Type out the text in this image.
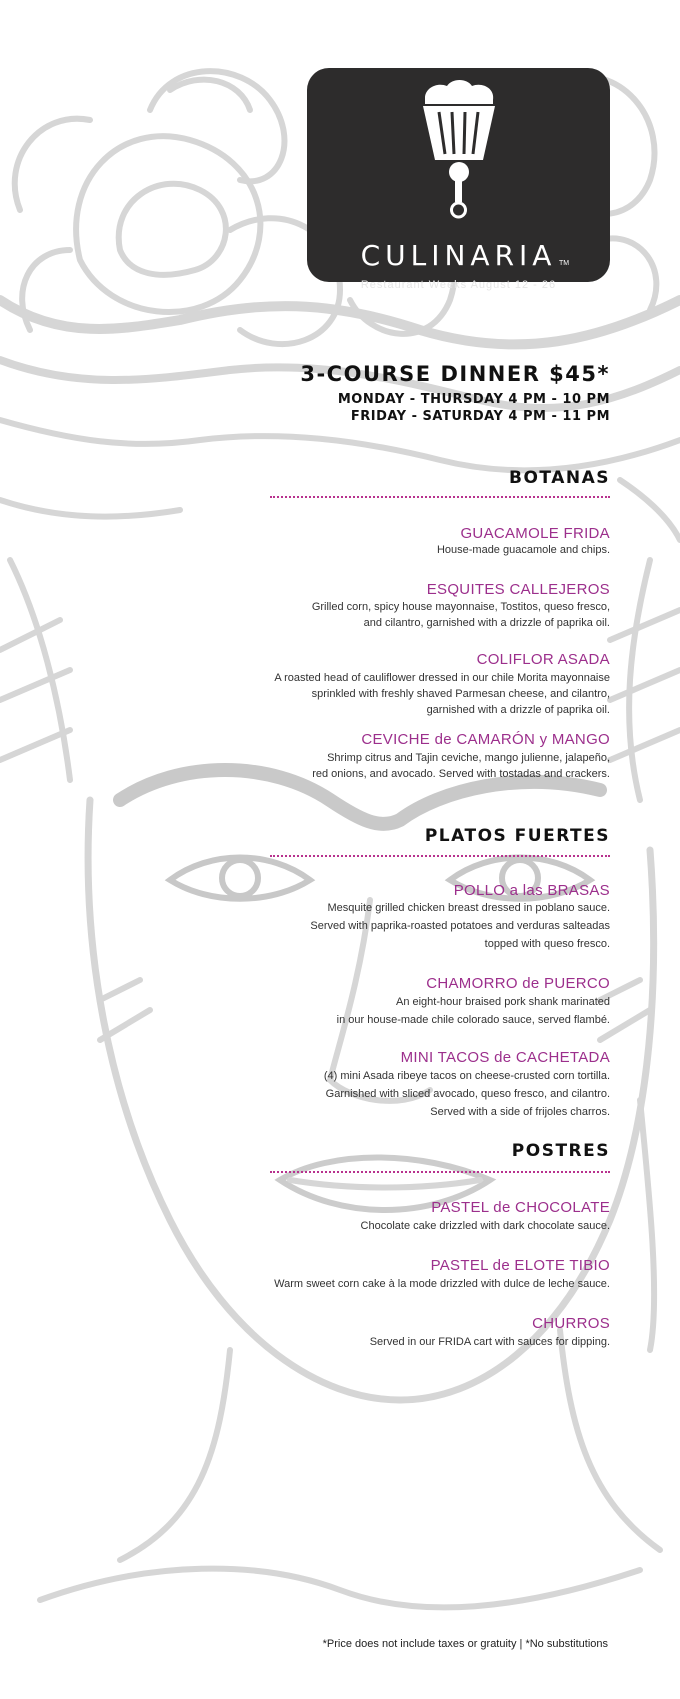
CULINARIA TM
Restaurant Weeks August 12 - 26
3-COURSE DINNER $45*
MONDAY - THURSDAY 4 PM - 10 PM
FRIDAY - SATURDAY 4 PM - 11 PM
BOTANAS
GUACAMOLE FRIDA
House-made guacamole and chips.
ESQUITES CALLEJEROS
Grilled corn, spicy house mayonnaise, Tostitos, queso fresco,
and cilantro, garnished with a drizzle of paprika oil.
COLIFLOR ASADA
A roasted head of cauliflower dressed in our chile Morita mayonnaise
sprinkled with freshly shaved Parmesan cheese, and cilantro,
garnished with a drizzle of paprika oil.
CEVICHE de CAMARÓN y MANGO
Shrimp citrus and Tajin ceviche, mango julienne, jalapeño,
red onions, and avocado. Served with tostadas and crackers.
PLATOS FUERTES
POLLO a las BRASAS
Mesquite grilled chicken breast dressed in poblano sauce.
Served with paprika-roasted potatoes and verduras salteadas
topped with queso fresco.
CHAMORRO de PUERCO
An eight-hour braised pork shank marinated
in our house-made chile colorado sauce, served flambé.
MINI TACOS de CACHETADA
(4) mini Asada ribeye tacos on cheese-crusted corn tortilla.
Garnished with sliced avocado, queso fresco, and cilantro.
Served with a side of frijoles charros.
POSTRES
PASTEL de CHOCOLATE
Chocolate cake drizzled with dark chocolate sauce.
PASTEL de ELOTE TIBIO
Warm sweet corn cake à la mode drizzled with dulce de leche sauce.
CHURROS
Served in our FRIDA cart with sauces for dipping.
*Price does not include taxes or gratuity | *No substitutions
